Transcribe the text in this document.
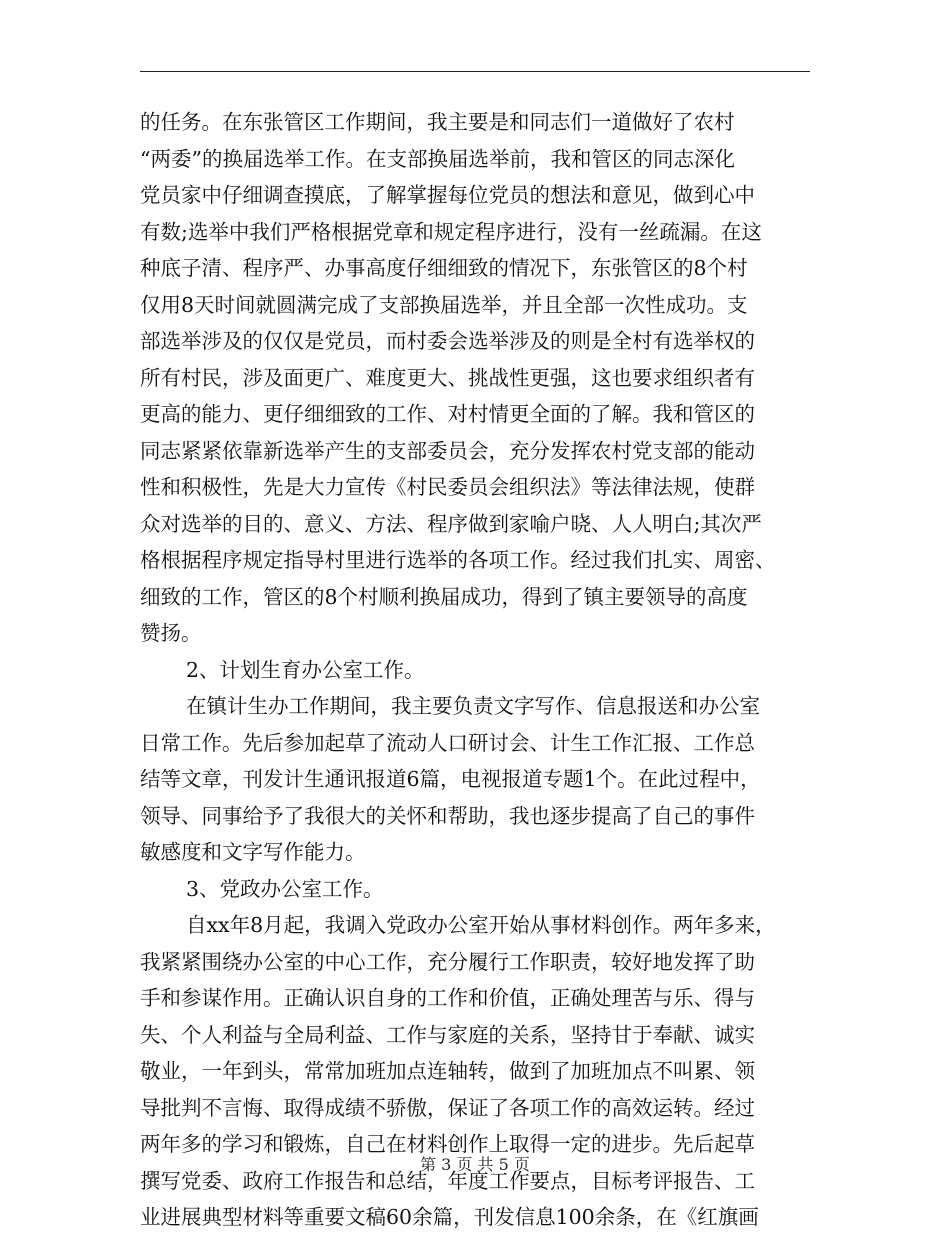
的任务。在东张管区工作期间，我主要是和同志们一道做好了农村
“两委”的换届选举工作。在支部换届选举前，我和管区的同志深化
党员家中仔细调查摸底，了解掌握每位党员的想法和意见，做到心中
有数;选举中我们严格根据党章和规定程序进行，没有一丝疏漏。在这
种底子清、程序严、办事高度仔细细致的情况下，东张管区的8个村
仅用8天时间就圆满完成了支部换届选举，并且全部一次性成功。支
部选举涉及的仅仅是党员，而村委会选举涉及的则是全村有选举权的
所有村民，涉及面更广、难度更大、挑战性更强，这也要求组织者有
更高的能力、更仔细细致的工作、对村情更全面的了解。我和管区的
同志紧紧依靠新选举产生的支部委员会，充分发挥农村党支部的能动
性和积极性，先是大力宣传《村民委员会组织法》等法律法规，使群
众对选举的目的、意义、方法、程序做到家喻户晓、人人明白;其次严
格根据程序规定指导村里进行选举的各项工作。经过我们扎实、周密、
细致的工作，管区的8个村顺利换届成功，得到了镇主要领导的高度
赞扬。
2、计划生育办公室工作。
在镇计生办工作期间，我主要负责文字写作、信息报送和办公室
日常工作。先后参加起草了流动人口研讨会、计生工作汇报、工作总
结等文章，刊发计生通讯报道6篇，电视报道专题1个。在此过程中，
领导、同事给予了我很大的关怀和帮助，我也逐步提高了自己的事件
敏感度和文字写作能力。
3、党政办公室工作。
自xx年8月起，我调入党政办公室开始从事材料创作。两年多来，
我紧紧围绕办公室的中心工作，充分履行工作职责，较好地发挥了助
手和参谋作用。正确认识自身的工作和价值，正确处理苦与乐、得与
失、个人利益与全局利益、工作与家庭的关系，坚持甘于奉献、诚实
敬业，一年到头，常常加班加点连轴转，做到了加班加点不叫累、领
导批判不言悔、取得成绩不骄傲，保证了各项工作的高效运转。经过
两年多的学习和锻炼，自己在材料创作上取得一定的进步。先后起草
撰写党委、政府工作报告和总结，年度工作要点，目标考评报告、工
业进展典型材料等重要文稿60余篇，刊发信息100余条，在《红旗画
第 3 页 共 5 页
